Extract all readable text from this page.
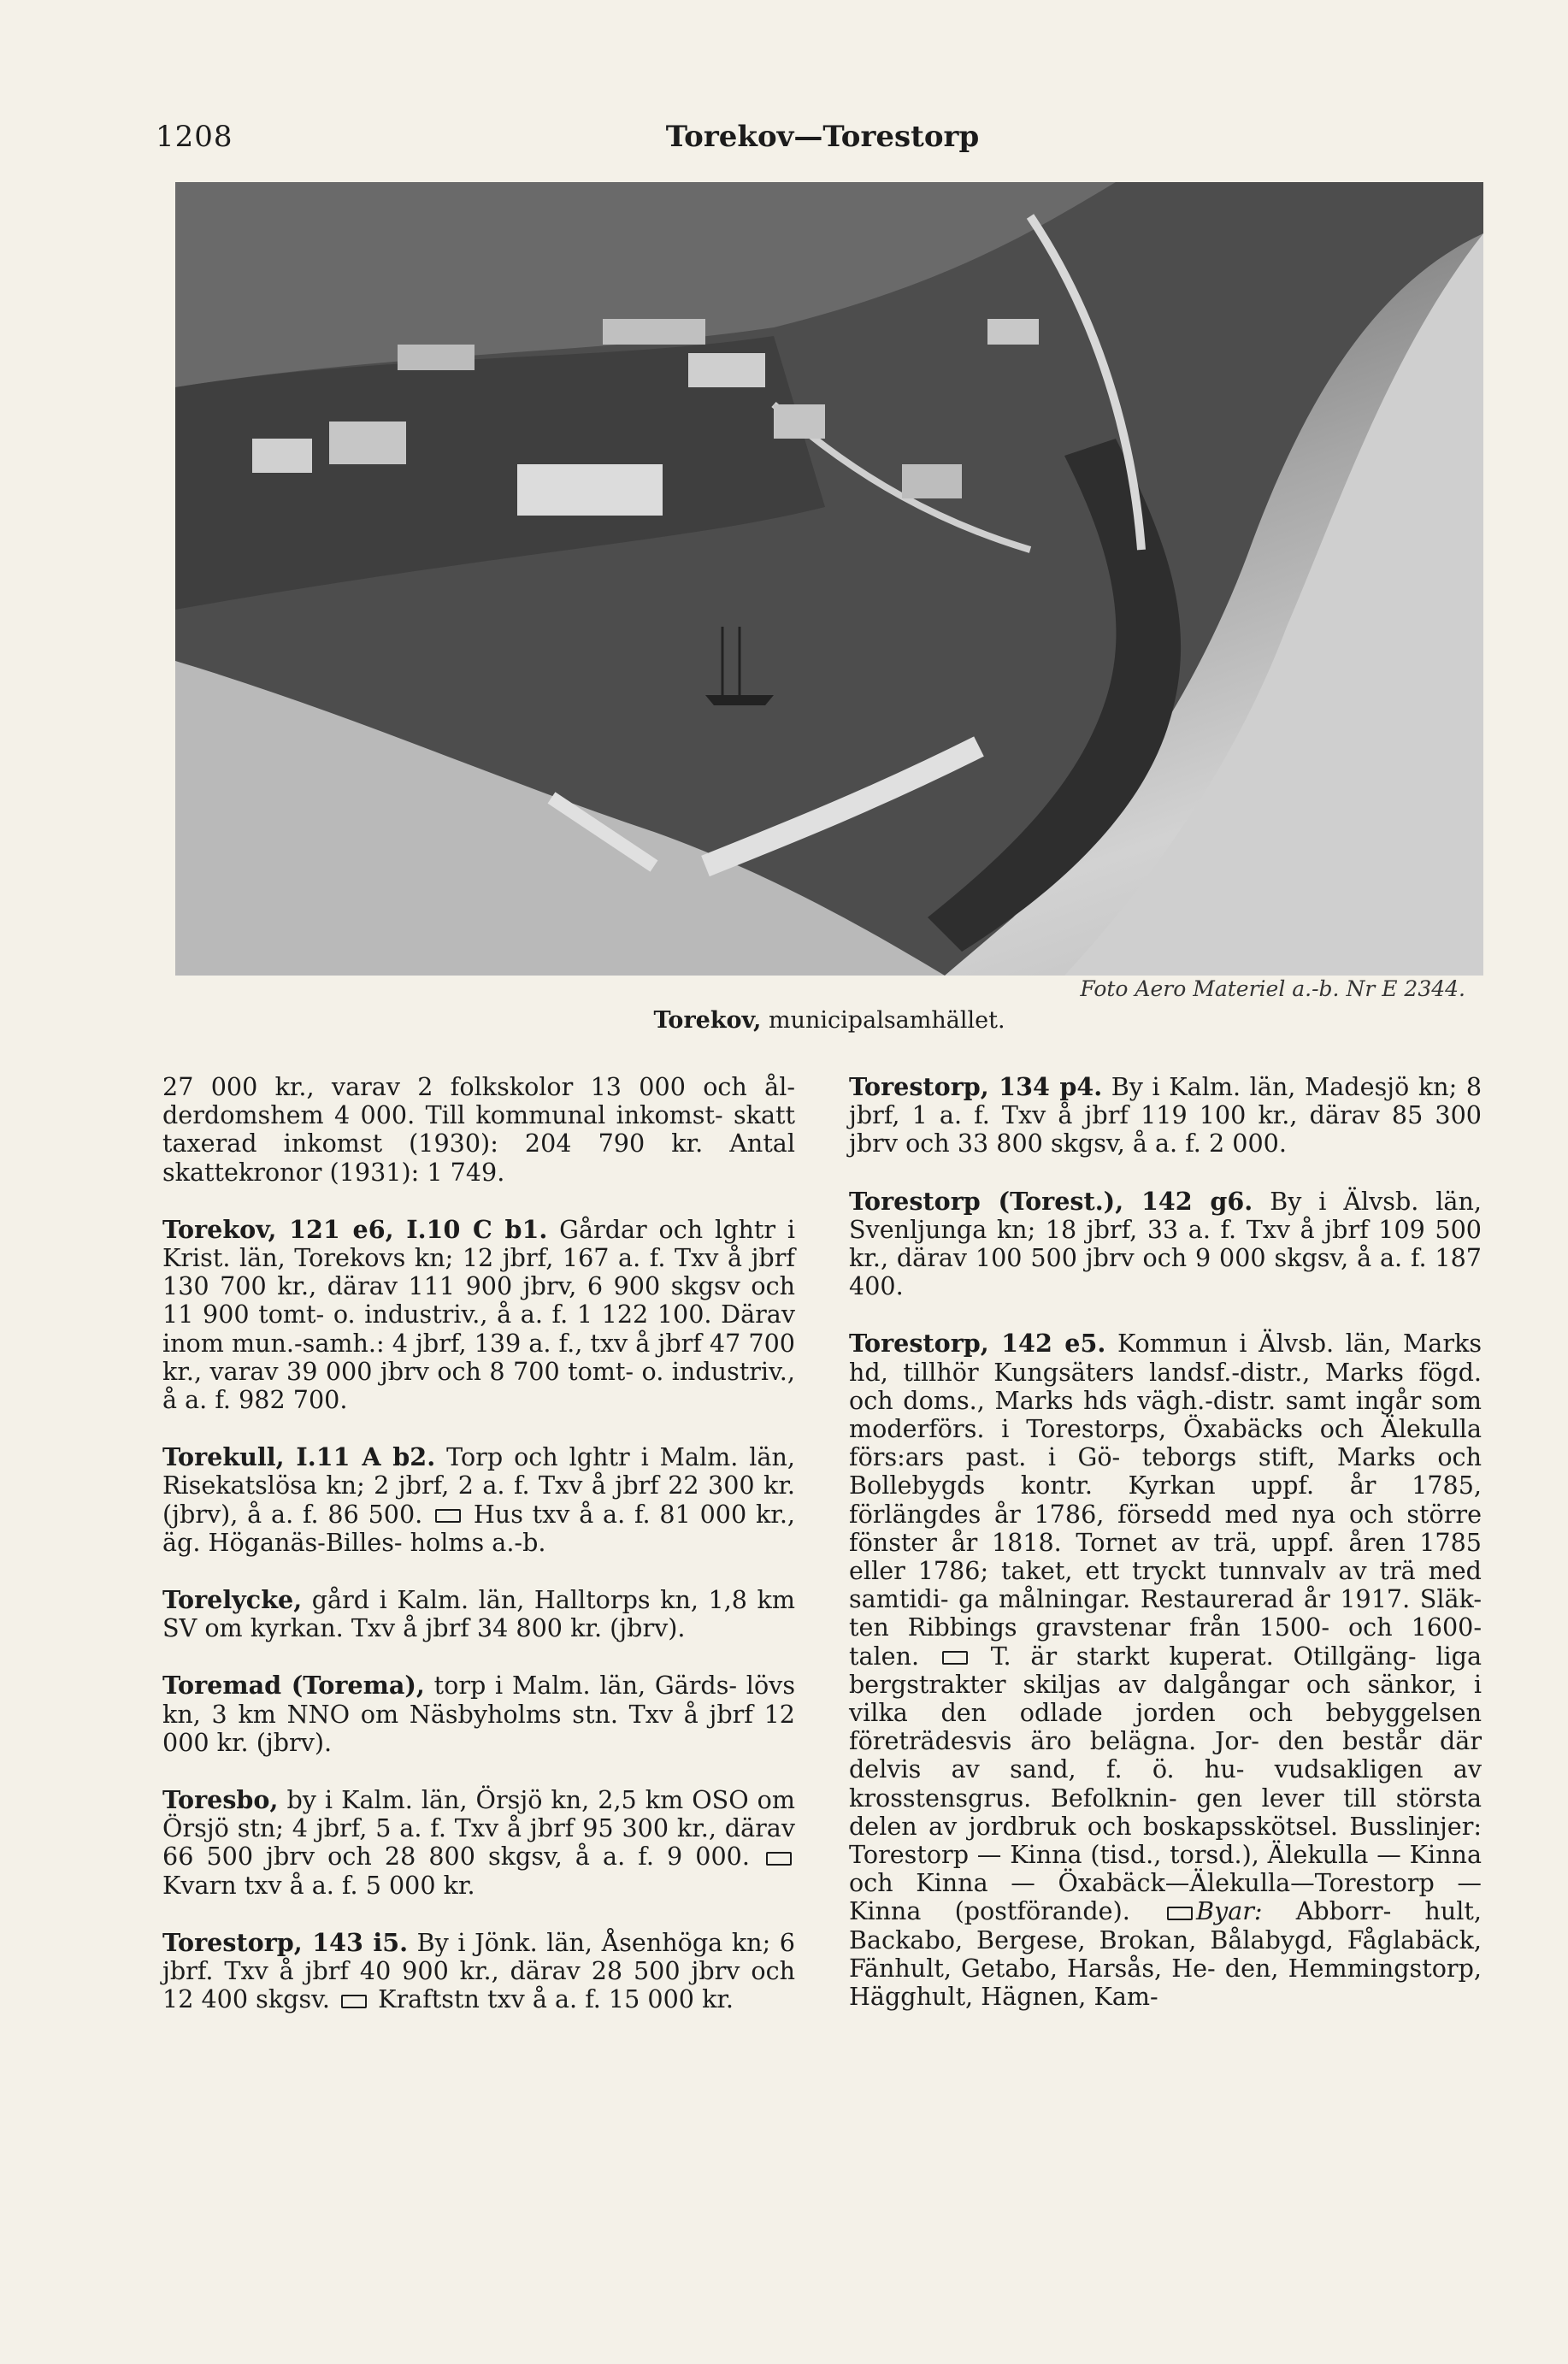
1208	Torekov—Torestorp
Foto Aero Materiel a.-b. Nr E 2344.
Torekov, municipalsamhället.
27 000 kr., varav 2 folkskolor 13 000 och ål- derdomshem 4 000. Till kommunal inkomst- skatt taxerad inkomst (1930): 204 790 kr. Antal skattekronor (1931): 1 749.
Torekov, 121 e6, I.10 C b1. Gårdar och lghtr i Krist. län, Torekovs kn; 12 jbrf, 167 a. f. Txv å jbrf 130 700 kr., därav 111 900 jbrv, 6 900 skgsv och 11 900 tomt- o. industriv., å a. f. 1 122 100. Därav inom mun.-samh.: 4 jbrf, 139 a. f., txv å jbrf 47 700 kr., varav 39 000 jbrv och 8 700 tomt- o. industriv., å a. f. 982 700.
Torekull, I.11 A b2. Torp och lghtr i Malm. län, Risekatslösa kn; 2 jbrf, 2 a. f. Txv å jbrf 22 300 kr. (jbrv), å a. f. 86 500.  Hus txv å a. f. 81 000 kr., äg. Höganäs-Billes- holms a.-b.
Torelycke, gård i Kalm. län, Halltorps kn, 1,8 km SV om kyrkan. Txv å jbrf 34 800 kr. (jbrv).
Toremad (Torema), torp i Malm. län, Gärds- lövs kn, 3 km NNO om Näsbyholms stn. Txv å jbrf 12 000 kr. (jbrv).
Toresbo, by i Kalm. län, Örsjö kn, 2,5 km OSO om Örsjö stn; 4 jbrf, 5 a. f. Txv å jbrf 95 300 kr., därav 66 500 jbrv och 28 800 skgsv, å a. f. 9 000.  Kvarn txv å a. f. 5 000 kr.
Torestorp, 143 i5. By i Jönk. län, Åsenhöga kn; 6 jbrf. Txv å jbrf 40 900 kr., därav 28 500 jbrv och 12 400 skgsv.  Kraftstn txv å a. f. 15 000 kr.
Torestorp, 134 p4. By i Kalm. län, Madesjö kn; 8 jbrf, 1 a. f. Txv å jbrf 119 100 kr., därav 85 300 jbrv och 33 800 skgsv, å a. f. 2 000.
Torestorp (Torest.), 142 g6. By i Älvsb. län, Svenljunga kn; 18 jbrf, 33 a. f. Txv å jbrf 109 500 kr., därav 100 500 jbrv och 9 000 skgsv, å a. f. 187 400.
Torestorp, 142 e5. Kommun i Älvsb. län, Marks hd, tillhör Kungsäters landsf.-distr., Marks fögd. och doms., Marks hds vägh.-distr. samt ingår som moderförs. i Torestorps, Öxabäcks och Älekulla förs:ars past. i Gö- teborgs stift, Marks och Bollebygds kontr. Kyrkan uppf. år 1785, förlängdes år 1786, försedd med nya och större fönster år 1818. Tornet av trä, uppf. åren 1785 eller 1786; taket, ett tryckt tunnvalv av trä med samtidi- ga målningar. Restaurerad år 1917. Släk- ten Ribbings gravstenar från 1500- och 1600- talen.  T. är starkt kuperat. Otillgäng- liga bergstrakter skiljas av dalgångar och sänkor, i vilka den odlade jorden och bebyggelsen företrädesvis äro belägna. Jor- den består där delvis av sand, f. ö. hu- vudsakligen av krosstensgrus. Befolknin- gen lever till största delen av jordbruk och boskapsskötsel. Busslinjer: Torestorp — Kinna (tisd., torsd.), Älekulla — Kinna och Kinna — Öxabäck—Älekulla—Torestorp —Kinna (postförande).	Byar: Abborr- hult, Backabo, Bergese, Brokan, Bålabygd, Fåglabäck, Fänhult, Getabo, Harsås, He- den, Hemmingstorp, Hägghult, Hägnen, Kam-
